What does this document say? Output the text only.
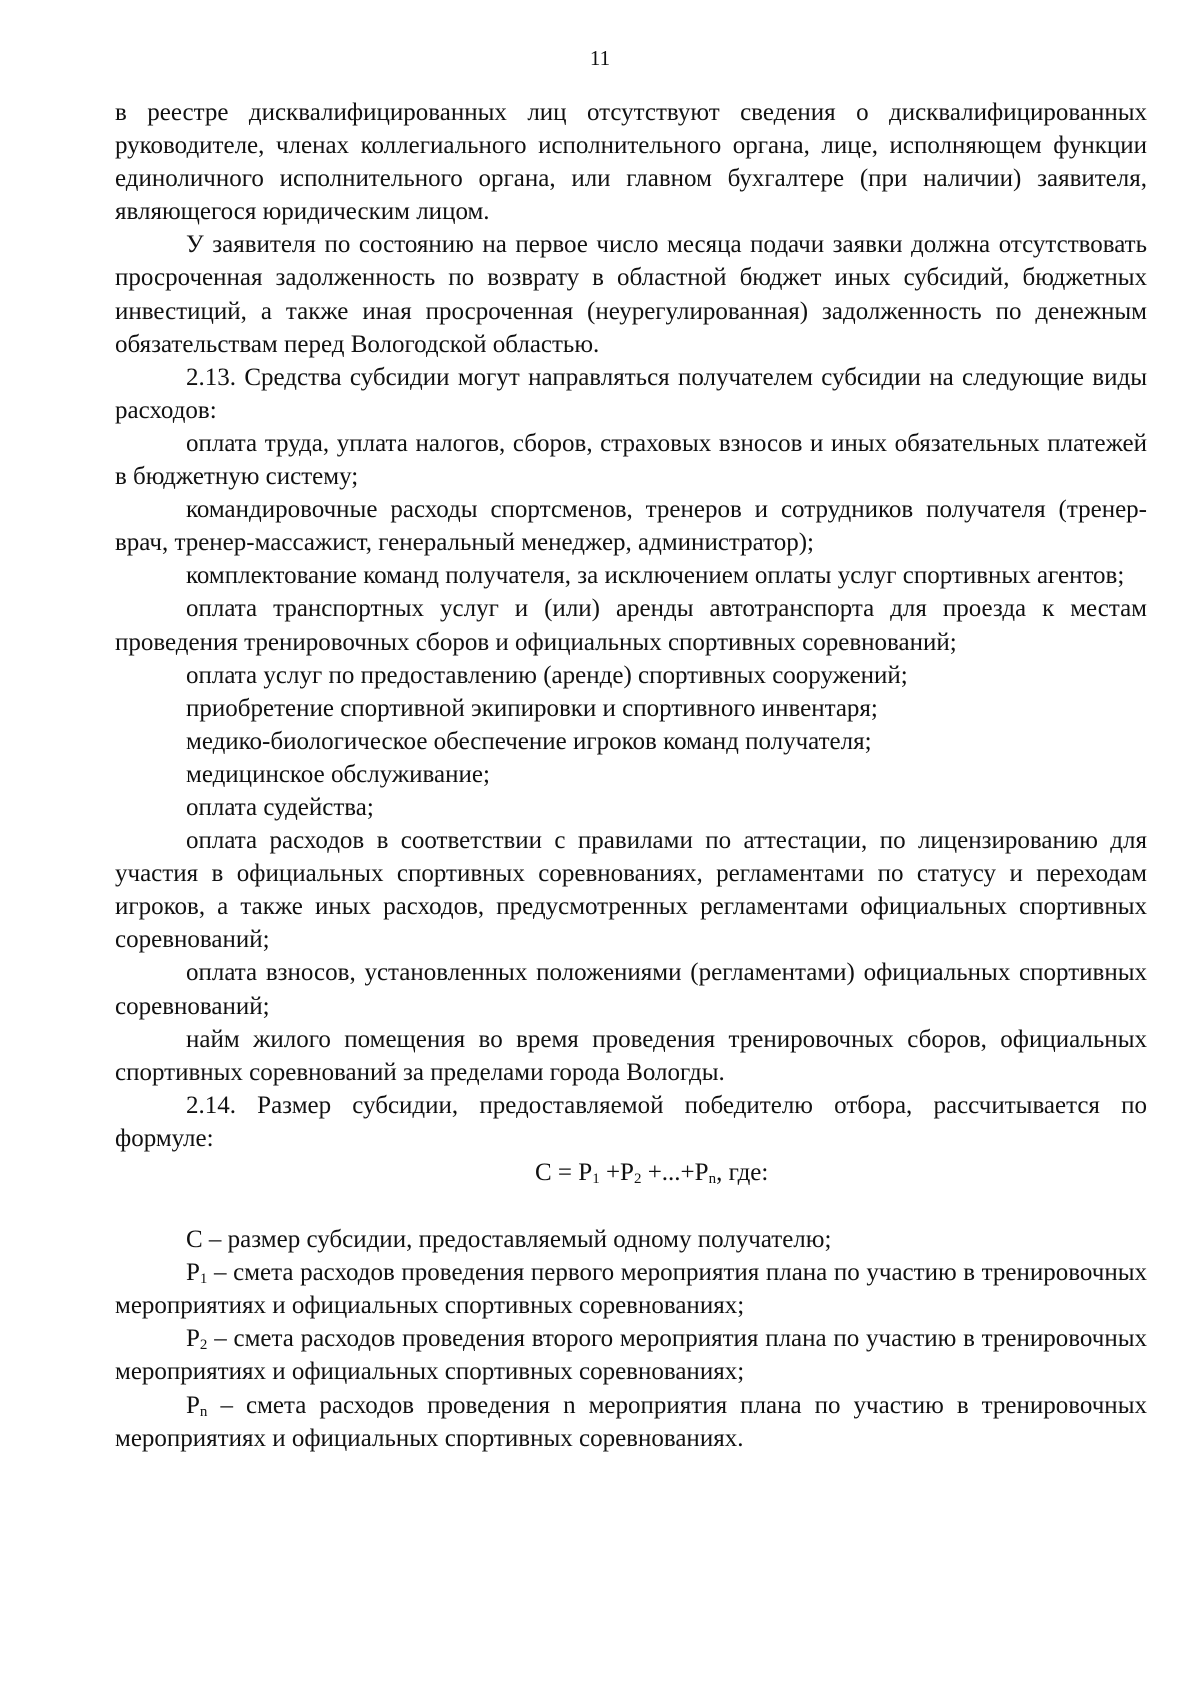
11

в реестре дисквалифицированных лиц отсутствуют сведения о дисквалифицированных руководителе, членах коллегиального исполнительного органа, лице, исполняющем функции единоличного исполнительного органа, или главном бухгалтере (при наличии) заявителя, являющегося юридическим лицом.

У заявителя по состоянию на первое число месяца подачи заявки должна отсутствовать просроченная задолженность по возврату в областной бюджет иных субсидий, бюджетных инвестиций, а также иная просроченная (неурегулированная) задолженность по денежным обязательствам перед Вологодской областью.

2.13. Средства субсидии могут направляться получателем субсидии на следующие виды расходов:

оплата труда, уплата налогов, сборов, страховых взносов и иных обязательных платежей в бюджетную систему;

командировочные расходы спортсменов, тренеров и сотрудников получателя (тренер-врач, тренер-массажист, генеральный менеджер, администратор);

комплектование команд получателя, за исключением оплаты услуг спортивных агентов;

оплата транспортных услуг и (или) аренды автотранспорта для проезда к местам проведения тренировочных сборов и официальных спортивных соревнований;

оплата услуг по предоставлению (аренде) спортивных сооружений;

приобретение спортивной экипировки и спортивного инвентаря;

медико-биологическое обеспечение игроков команд получателя;

медицинское обслуживание;

оплата судейства;

оплата расходов в соответствии с правилами по аттестации, по лицензированию для участия в официальных спортивных соревнованиях, регламентами по статусу и переходам игроков, а также иных расходов, предусмотренных регламентами официальных спортивных соревнований;

оплата взносов, установленных положениями (регламентами) официальных спортивных соревнований;

найм жилого помещения во время проведения тренировочных сборов, официальных спортивных соревнований за пределами города Вологды.

2.14. Размер субсидии, предоставляемой победителю отбора, рассчитывается по формуле:

$С = Р_1 +Р_2 +...+Р_n$, где:

С – размер субсидии, предоставляемый одному получателю;

$Р_1$ – смета расходов проведения первого мероприятия плана по участию в тренировочных мероприятиях и официальных спортивных соревнованиях;

$Р_2$ – смета расходов проведения второго мероприятия плана по участию в тренировочных мероприятиях и официальных спортивных соревнованиях;

$Р_n$ – смета расходов проведения n мероприятия плана по участию в тренировочных мероприятиях и официальных спортивных соревнованиях.
